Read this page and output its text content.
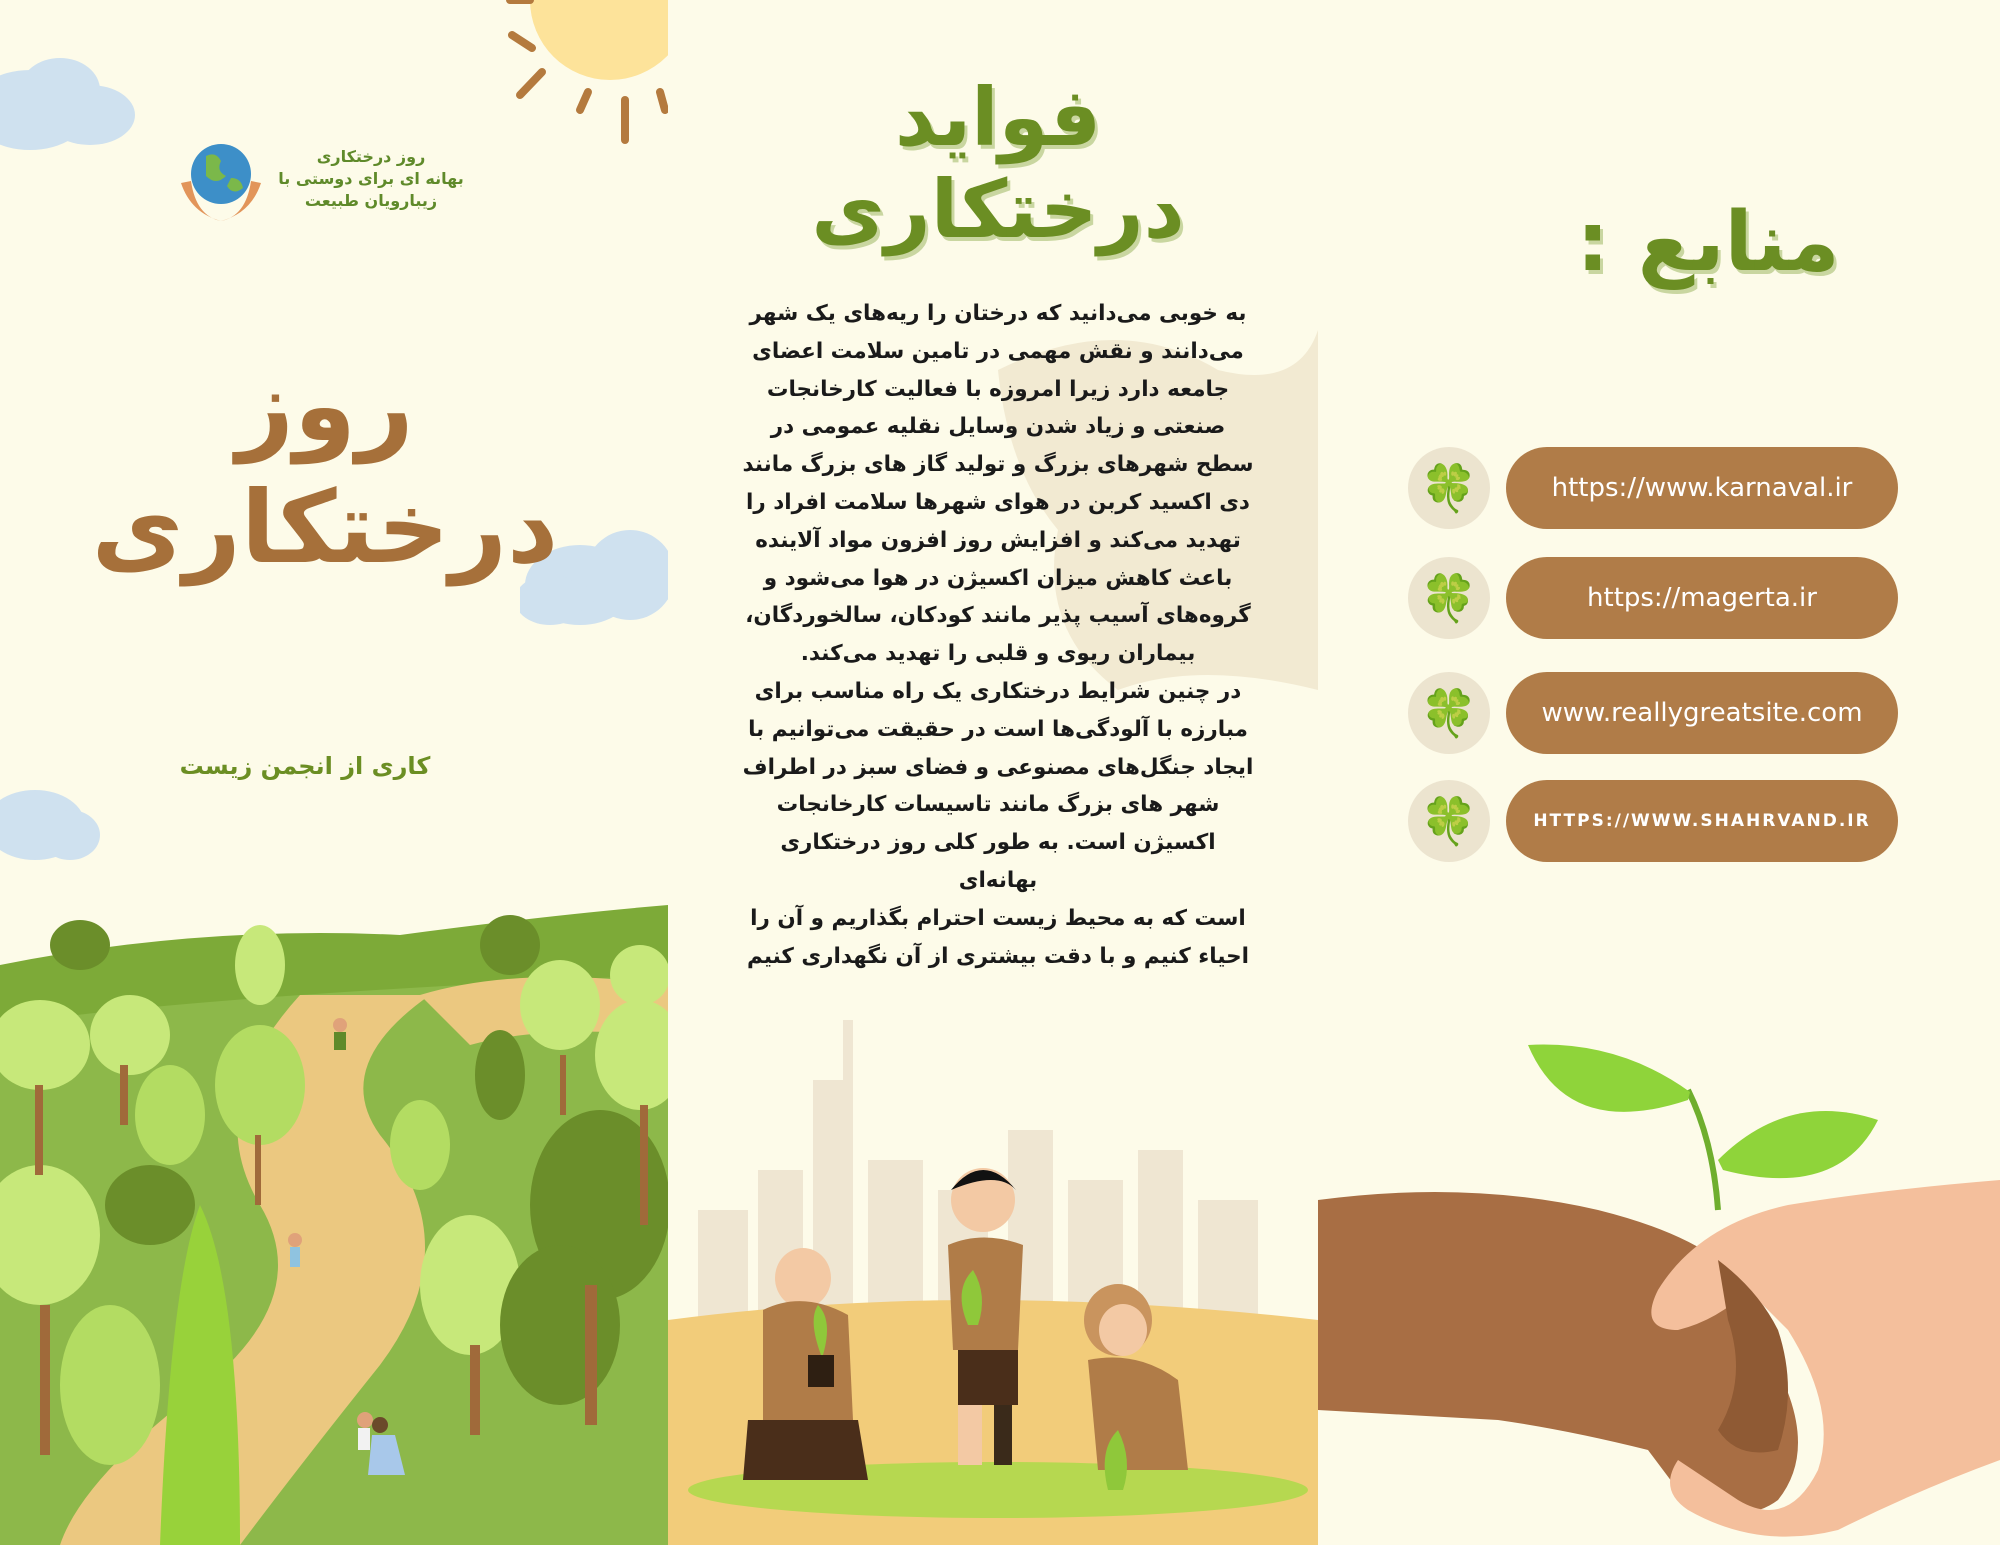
روز درختکاری
بهانه ای برای دوستی با
زیبارویان طبیعت
روز
درختکاری
کاری از انجمن زیست
فواید
درختکاری
به خوبی می‌دانید که درختان را ریه‌های یک شهر
می‌دانند و نقش مهمی در تامین سلامت اعضای
جامعه دارد زیرا امروزه با فعالیت کارخانجات
صنعتی و زیاد شدن وسایل نقلیه عمومی در
سطح شهرهای بزرگ و تولید گاز های بزرگ مانند
دی اکسید کربن در هوای شهرها سلامت افراد را
تهدید می‌کند و افزایش روز افزون مواد آلاینده
باعث کاهش میزان اکسیژن در هوا می‌شود و
گروه‌های آسیب پذیر مانند کودکان، سالخوردگان،
بیماران ریوی و قلبی را تهدید می‌کند.
در چنین شرایط درختکاری یک راه مناسب برای
مبارزه با آلودگی‌ها است در حقیقت می‌توانیم با
ایجاد جنگل‌های مصنوعی و فضای سبز در اطراف
شهر های بزرگ مانند تاسیسات کارخانجات
اکسیژن است. به طور کلی روز درختکاری بهانه‌ای
است که به محیط زیست احترام بگذاریم و آن را
احیاء کنیم و با دقت بیشتری از آن نگهداری کنیم
منابع :
🍀	https://www.karnaval.ir
🍀	https://magerta.ir
🍀	www.reallygreatsite.com
🍀	HTTPS://WWW.SHAHRVAND.IR
